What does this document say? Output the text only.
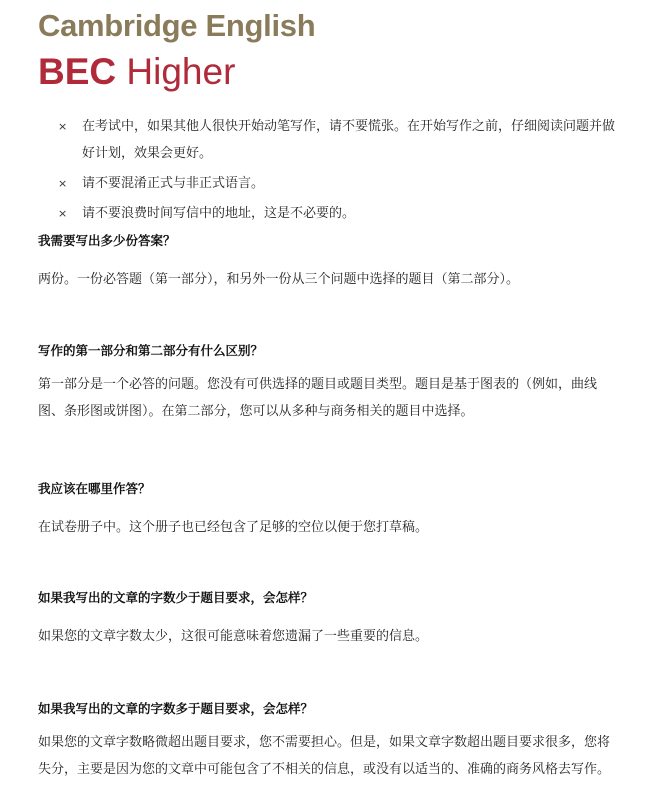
Cambridge English
BEC Higher
×	在考试中，如果其他人很快开始动笔写作，请不要慌张。在开始写作之前，仔细阅读问题并做好计划，效果会更好。
×	请不要混淆正式与非正式语言。
×	请不要浪费时间写信中的地址，这是不必要的。
我需要写出多少份答案？
两份。一份必答题（第一部分），和另外一份从三个问题中选择的题目（第二部分）。
写作的第一部分和第二部分有什么区别？
第一部分是一个必答的问题。您没有可供选择的题目或题目类型。题目是基于图表的（例如，曲线图、条形图或饼图）。在第二部分，您可以从多种与商务相关的题目中选择。
我应该在哪里作答？
在试卷册子中。这个册子也已经包含了足够的空位以便于您打草稿。
如果我写出的文章的字数少于题目要求，会怎样？
如果您的文章字数太少，这很可能意味着您遗漏了一些重要的信息。
如果我写出的文章的字数多于题目要求，会怎样？
如果您的文章字数略微超出题目要求，您不需要担心。但是，如果文章字数超出题目要求很多，您将失分，主要是因为您的文章中可能包含了不相关的信息，或没有以适当的、准确的商务风格去写作。
